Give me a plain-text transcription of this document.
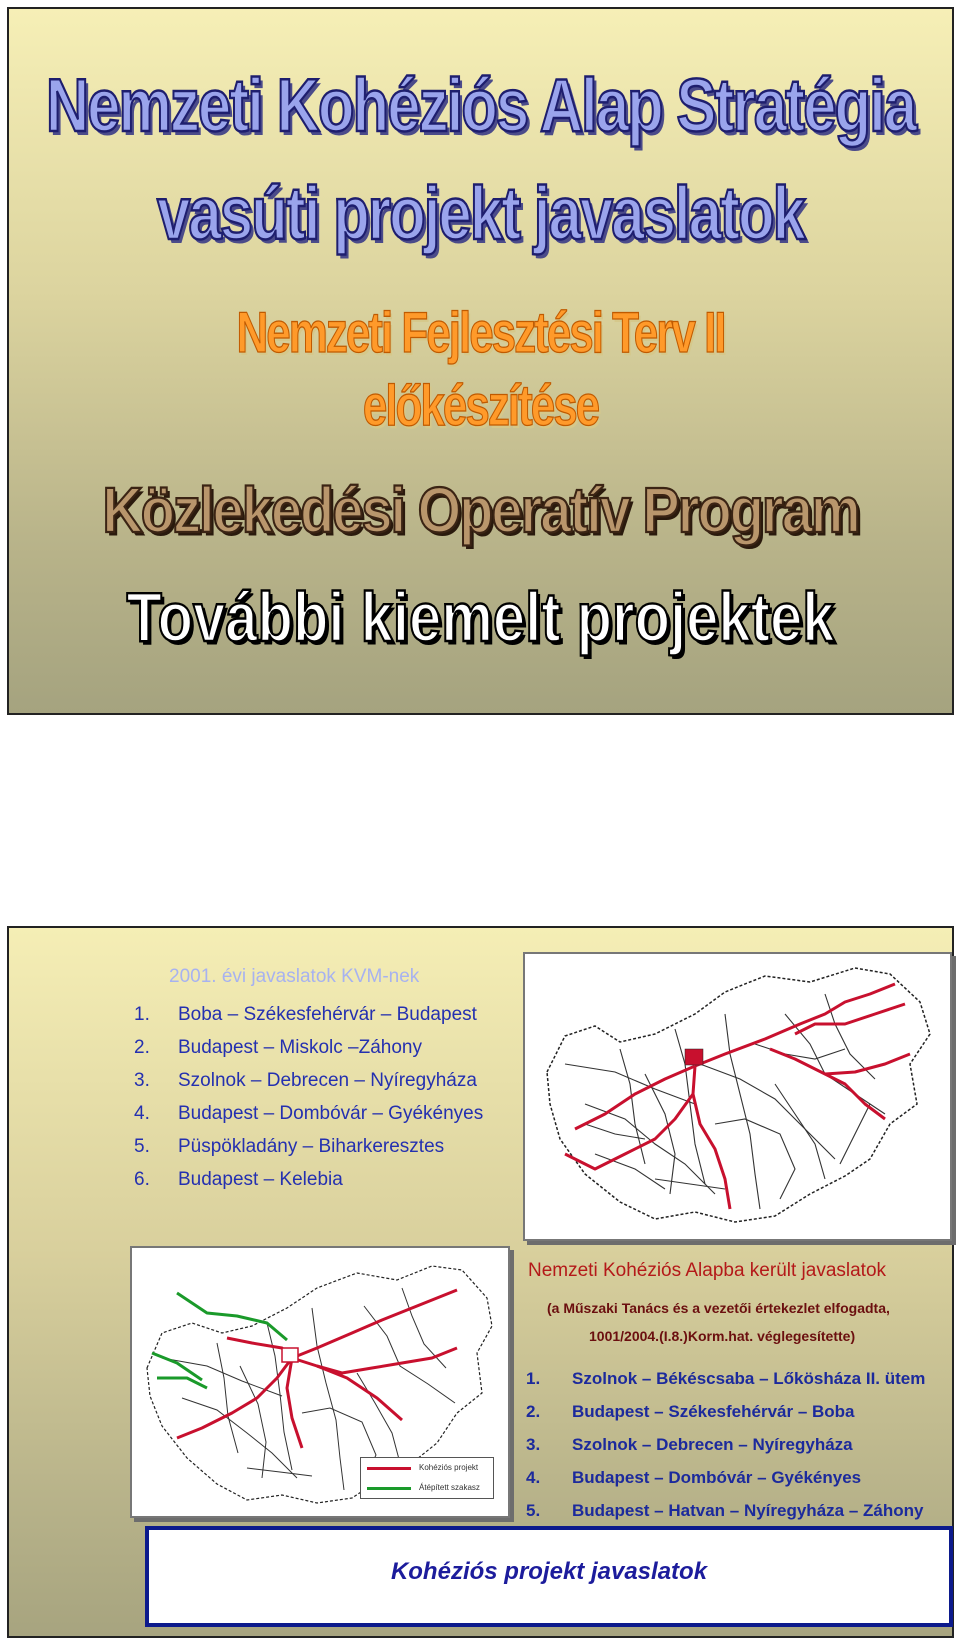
Nemzeti Kohéziós Alap Stratégia
vasúti projekt javaslatok
Nemzeti Fejlesztési Terv II
előkészítése
Közlekedési Operatív Program
További kiemelt projektek
2001. évi javaslatok KVM-nek
1. Boba – Székesfehérvár – Budapest
2. Budapest – Miskolc –Záhony
3. Szolnok – Debrecen – Nyíregyháza
4. Budapest – Dombóvár – Gyékényes
5. Püspökladány – Biharkeresztes
6. Budapest – Kelebia
Kohéziós projekt
Átépített szakasz
Nemzeti Kohéziós Alapba került javaslatok
(a Műszaki Tanács és a vezetői értekezlet elfogadta,
1001/2004.(I.8.)Korm.hat. véglegesítette)
1. Szolnok – Békéscsaba – Lőkösháza II. ütem
2. Budapest – Székesfehérvár – Boba
3. Szolnok – Debrecen – Nyíregyháza
4. Budapest – Dombóvár – Gyékényes
5. Budapest – Hatvan – Nyíregyháza – Záhony
Kohéziós projekt javaslatok
